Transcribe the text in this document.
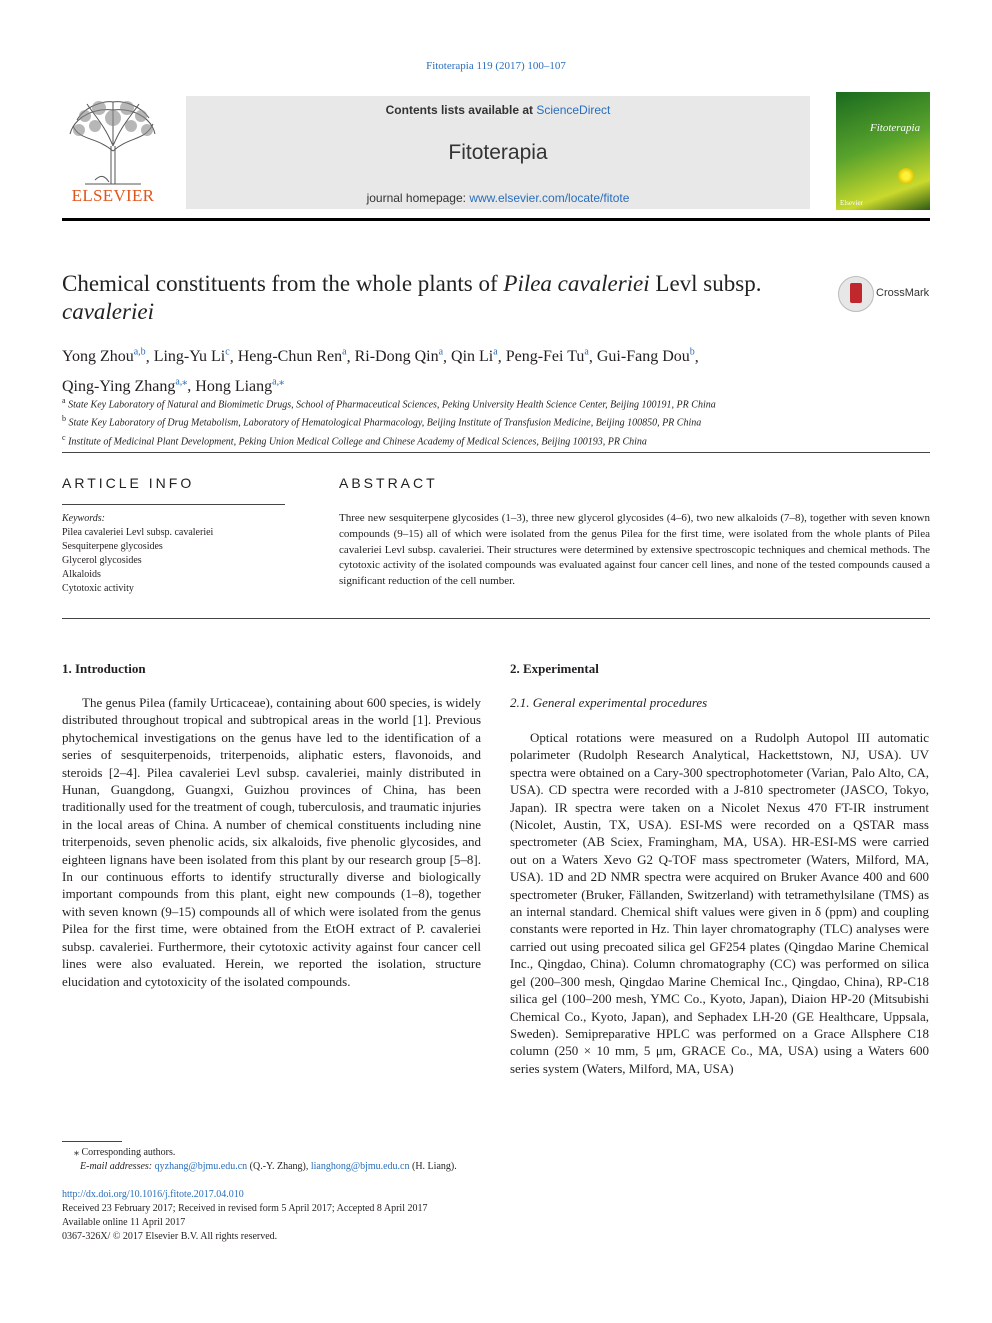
Fitoterapia 119 (2017) 100–107
ELSEVIER
Contents lists available at ScienceDirect
Fitoterapia
journal homepage: www.elsevier.com/locate/fitote
Fitoterapia
Elsevier
Chemical constituents from the whole plants of Pilea cavaleriei Levl subsp. cavaleriei
CrossMark
Yong Zhou$^{a,b}$, Ling-Yu Li$^c$, Heng-Chun Ren$^a$, Ri-Dong Qin$^a$, Qin Li$^a$, Peng-Fei Tu$^a$, Gui-Fang Dou$^b$,
Qing-Ying Zhang$^{a,⁎}$, Hong Liang$^{a,⁎}$
$^a$ State Key Laboratory of Natural and Biomimetic Drugs, School of Pharmaceutical Sciences, Peking University Health Science Center, Beijing 100191, PR China
$^b$ State Key Laboratory of Drug Metabolism, Laboratory of Hematological Pharmacology, Beijing Institute of Transfusion Medicine, Beijing 100850, PR China
$^c$ Institute of Medicinal Plant Development, Peking Union Medical College and Chinese Academy of Medical Sciences, Beijing 100193, PR China
ARTICLE INFO
Keywords:
Pilea cavaleriei Levl subsp. cavaleriei
Sesquiterpene glycosides
Glycerol glycosides
Alkaloids
Cytotoxic activity
ABSTRACT
Three new sesquiterpene glycosides (1–3), three new glycerol glycosides (4–6), two new alkaloids (7–8), together with seven known compounds (9–15) all of which were isolated from the genus Pilea for the first time, were isolated from the whole plants of Pilea cavaleriei Levl subsp. cavaleriei. Their structures were determined by extensive spectroscopic techniques and chemical methods. The cytotoxic activity of the isolated compounds was evaluated against four cancer cell lines, and none of the tested compounds caused a significant reduction of the cell number.
1. Introduction

The genus Pilea (family Urticaceae), containing about 600 species, is widely distributed throughout tropical and subtropical areas in the world [1]. Previous phytochemical investigations on the genus have led to the identification of a series of sesquiterpenoids, triterpenoids, aliphatic esters, flavonoids, and steroids [2–4]. Pilea cavaleriei Levl subsp. cavaleriei, mainly distributed in Hunan, Guangdong, Guangxi, Guizhou provinces of China, has been traditionally used for the treatment of cough, tuberculosis, and traumatic injuries in the local areas of China. A number of chemical constituents including nine triterpenoids, seven phenolic acids, six alkaloids, five phenolic glycosides, and eighteen lignans have been isolated from this plant by our research group [5–8]. In our continuous efforts to identify structurally diverse and biologically important compounds from this plant, eight new compounds (1–8), together with seven known (9–15) compounds all of which were isolated from the genus Pilea for the first time, were obtained from the EtOH extract of P. cavaleriei subsp. cavaleriei. Furthermore, their cytotoxic activity against four cancer cell lines were also evaluated. Herein, we reported the isolation, structure elucidation and cytotoxicity of the isolated compounds.

2. Experimental
2.1. General experimental procedures

Optical rotations were measured on a Rudolph Autopol III automatic polarimeter (Rudolph Research Analytical, Hackettstown, NJ, USA). UV spectra were obtained on a Cary-300 spectrophotometer (Varian, Palo Alto, CA, USA). CD spectra were recorded with a J-810 spectrometer (JASCO, Tokyo, Japan). IR spectra were taken on a Nicolet Nexus 470 FT-IR instrument (Nicolet, Austin, TX, USA). ESI-MS were recorded on a QSTAR mass spectrometer (AB Sciex, Framingham, MA, USA). HR-ESI-MS were carried out on a Waters Xevo G2 Q-TOF mass spectrometer (Waters, Milford, MA, USA). 1D and 2D NMR spectra were acquired on Bruker Avance 400 and 600 spectrometer (Bruker, Fällanden, Switzerland) with tetramethylsilane (TMS) as an internal standard. Chemical shift values were given in δ (ppm) and coupling constants were reported in Hz. Thin layer chromatography (TLC) analyses were carried out using precoated silica gel GF254 plates (Qingdao Marine Chemical Inc., Qingdao, China). Column chromatography (CC) was performed on silica gel (200–300 mesh, Qingdao Marine Chemical Inc., Qingdao, China), RP-C18 silica gel (100–200 mesh, YMC Co., Kyoto, Japan), Diaion HP-20 (Mitsubishi Chemical Co., Kyoto, Japan), and Sephadex LH-20 (GE Healthcare, Uppsala, Sweden). Semipreparative HPLC was performed on a Grace Allsphere C18 column (250 × 10 mm, 5 μm, GRACE Co., MA, USA) using a Waters 600 series system (Waters, Milford, MA, USA)

⁎ Corresponding authors.
E-mail addresses: qyzhang@bjmu.edu.cn (Q.-Y. Zhang), lianghong@bjmu.edu.cn (H. Liang).
http://dx.doi.org/10.1016/j.fitote.2017.04.010
Received 23 February 2017; Received in revised form 5 April 2017; Accepted 8 April 2017
Available online 11 April 2017
0367-326X/ © 2017 Elsevier B.V. All rights reserved.
